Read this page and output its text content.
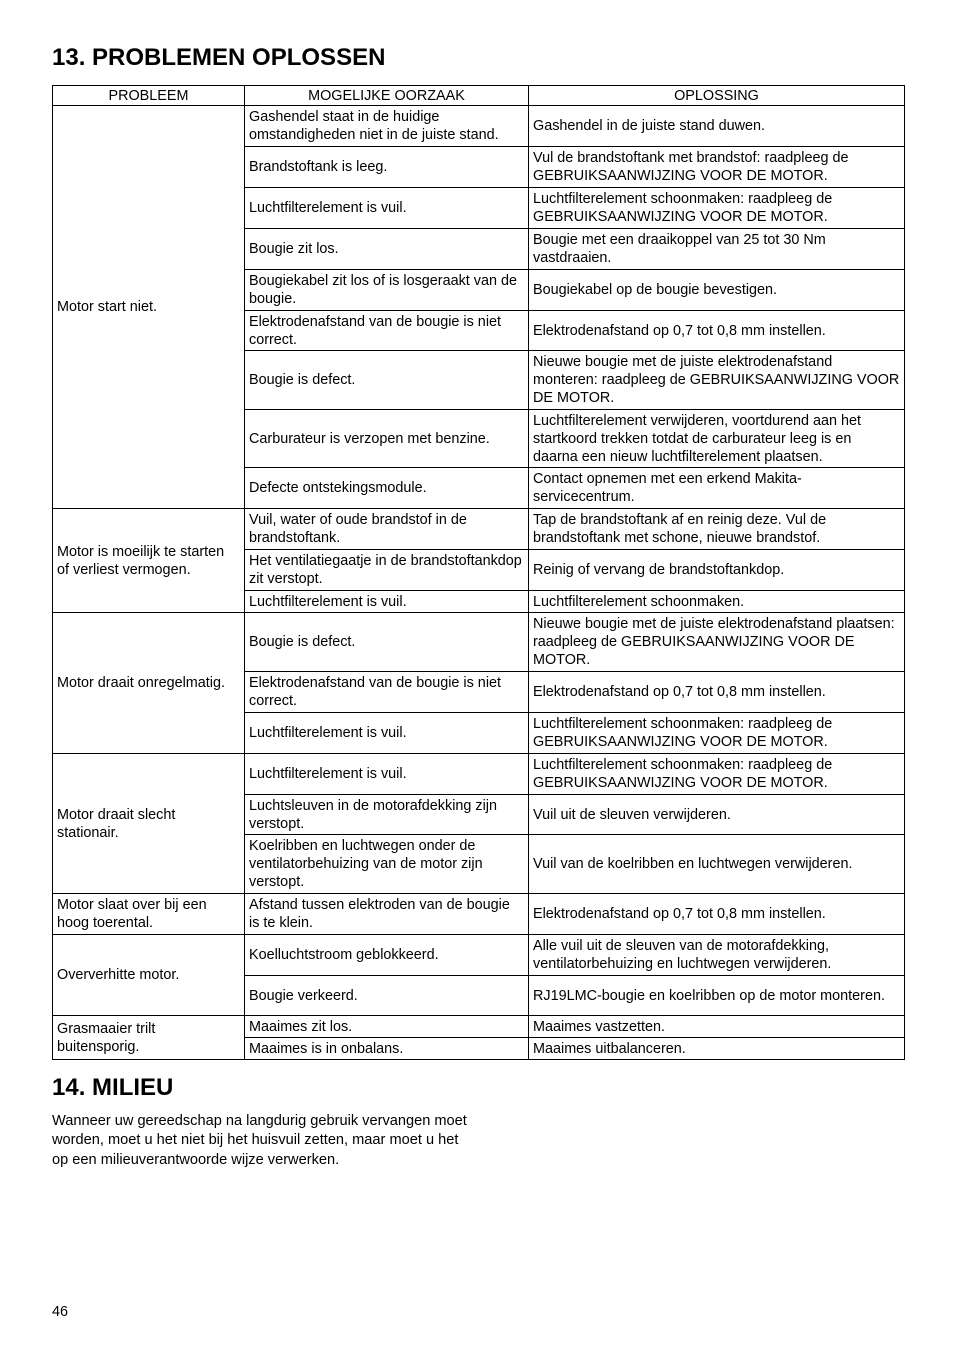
13. PROBLEMEN OPLOSSEN
PROBLEEM	MOGELIJKE OORZAAK	OPLOSSING
Motor start niet.	Gashendel staat in de huidige omstandigheden niet in de juiste stand.	Gashendel in de juiste stand duwen.
	Brandstoftank is leeg.	Vul de brandstoftank met brandstof: raadpleeg de GEBRUIKSAANWIJZING VOOR DE MOTOR.
	Luchtfilterelement is vuil.	Luchtfilterelement schoonmaken: raadpleeg de GEBRUIKSAANWIJZING VOOR DE MOTOR.
	Bougie zit los.	Bougie met een draaikoppel van 25 tot 30 Nm vastdraaien.
	Bougiekabel zit los of is losgeraakt van de bougie.	Bougiekabel op de bougie bevestigen.
	Elektrodenafstand van de bougie is niet correct.	Elektrodenafstand op 0,7 tot 0,8 mm instellen.
	Bougie is defect.	Nieuwe bougie met de juiste elektrodenafstand monteren: raadpleeg de GEBRUIKSAANWIJZING VOOR DE MOTOR.
	Carburateur is verzopen met benzine.	Luchtfilterelement verwijderen, voortdurend aan het startkoord trekken totdat de carburateur leeg is en daarna een nieuw luchtfilterelement plaatsen.
	Defecte ontstekingsmodule.	Contact opnemen met een erkend Makita-servicecentrum.
Motor is moeilijk te starten of verliest vermogen.	Vuil, water of oude brandstof in de brandstoftank.	Tap de brandstoftank af en reinig deze. Vul de brandstoftank met schone, nieuwe brandstof.
	Het ventilatiegaatje in de brandstoftankdop zit verstopt.	Reinig of vervang de brandstoftankdop.
	Luchtfilterelement is vuil.	Luchtfilterelement schoonmaken.
Motor draait onregelmatig.	Bougie is defect.	Nieuwe bougie met de juiste elektrodenafstand plaatsen: raadpleeg de GEBRUIKSAANWIJZING VOOR DE MOTOR.
	Elektrodenafstand van de bougie is niet correct.	Elektrodenafstand op 0,7 tot 0,8 mm instellen.
	Luchtfilterelement is vuil.	Luchtfilterelement schoonmaken: raadpleeg de GEBRUIKSAANWIJZING VOOR DE MOTOR.
Motor draait slecht stationair.	Luchtfilterelement is vuil.	Luchtfilterelement schoonmaken: raadpleeg de GEBRUIKSAANWIJZING VOOR DE MOTOR.
	Luchtsleuven in de motorafdekking zijn verstopt.	Vuil uit de sleuven verwijderen.
	Koelribben en luchtwegen onder de ventilatorbehuizing van de motor zijn verstopt.	Vuil van de koelribben en luchtwegen verwijderen.
Motor slaat over bij een hoog toerental.	Afstand tussen elektroden van de bougie is te klein.	Elektrodenafstand op 0,7 tot 0,8 mm instellen.
Oververhitte motor.	Koelluchtstroom geblokkeerd.	Alle vuil uit de sleuven van de motorafdekking, ventilatorbehuizing en luchtwegen verwijderen.
	Bougie verkeerd.	RJ19LMC-bougie en koelribben op de motor monteren.
Grasmaaier trilt buitensporig.	Maaimes zit los.	Maaimes vastzetten.
	Maaimes is in onbalans.	Maaimes uitbalanceren.
14. MILIEU

Wanneer uw gereedschap na langdurig gebruik vervangen moet worden, moet u het niet bij het huisvuil zetten, maar moet u het op een milieuverantwoorde wijze verwerken.

46
